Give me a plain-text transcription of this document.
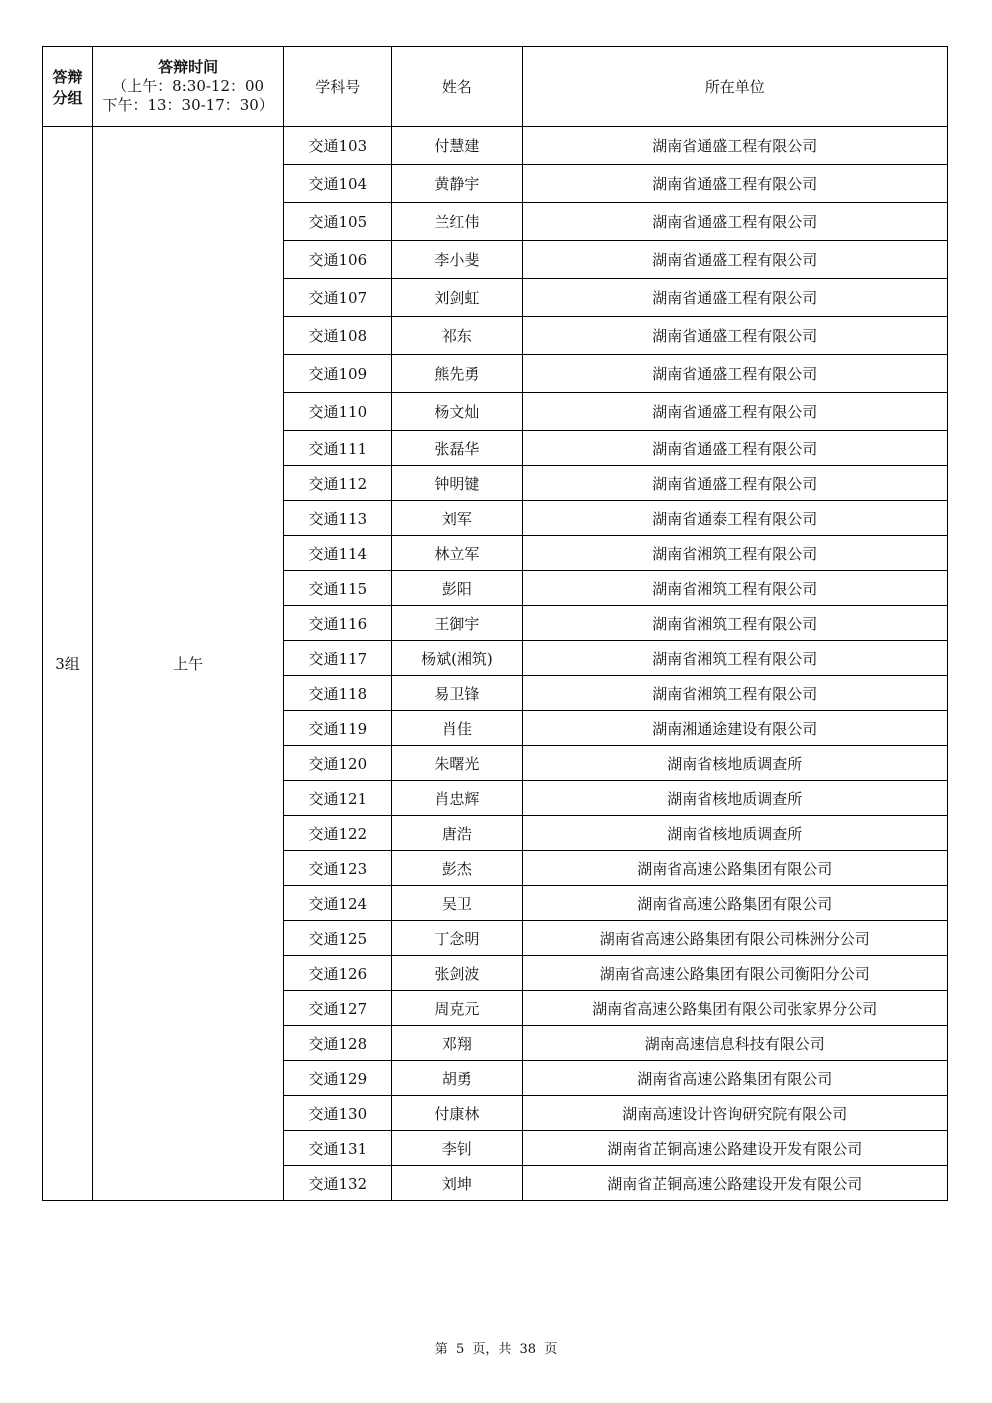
答辩
分组	答辩时间
（上午：8:30-12：00
下午：13：30-17：30）	学科号	姓名	所在单位
3组	上午	交通103	付慧建	湖南省通盛工程有限公司
		交通104	黄静宇	湖南省通盛工程有限公司
		交通105	兰红伟	湖南省通盛工程有限公司
		交通106	李小斐	湖南省通盛工程有限公司
		交通107	刘剑虹	湖南省通盛工程有限公司
		交通108	祁东	湖南省通盛工程有限公司
		交通109	熊先勇	湖南省通盛工程有限公司
		交通110	杨文灿	湖南省通盛工程有限公司
		交通111	张磊华	湖南省通盛工程有限公司
		交通112	钟明键	湖南省通盛工程有限公司
		交通113	刘军	湖南省通泰工程有限公司
		交通114	林立军	湖南省湘筑工程有限公司
		交通115	彭阳	湖南省湘筑工程有限公司
		交通116	王御宇	湖南省湘筑工程有限公司
		交通117	杨斌(湘筑)	湖南省湘筑工程有限公司
		交通118	易卫锋	湖南省湘筑工程有限公司
		交通119	肖佳	湖南湘通途建设有限公司
		交通120	朱曙光	湖南省核地质调查所
		交通121	肖忠辉	湖南省核地质调查所
		交通122	唐浩	湖南省核地质调查所
		交通123	彭杰	湖南省高速公路集团有限公司
		交通124	吴卫	湖南省高速公路集团有限公司
		交通125	丁念明	湖南省高速公路集团有限公司株洲分公司
		交通126	张剑波	湖南省高速公路集团有限公司衡阳分公司
		交通127	周克元	湖南省高速公路集团有限公司张家界分公司
		交通128	邓翔	湖南高速信息科技有限公司
		交通129	胡勇	湖南省高速公路集团有限公司
		交通130	付康林	湖南高速设计咨询研究院有限公司
		交通131	李钊	湖南省芷铜高速公路建设开发有限公司
		交通132	刘坤	湖南省芷铜高速公路建设开发有限公司
第 5 页，共 38 页
